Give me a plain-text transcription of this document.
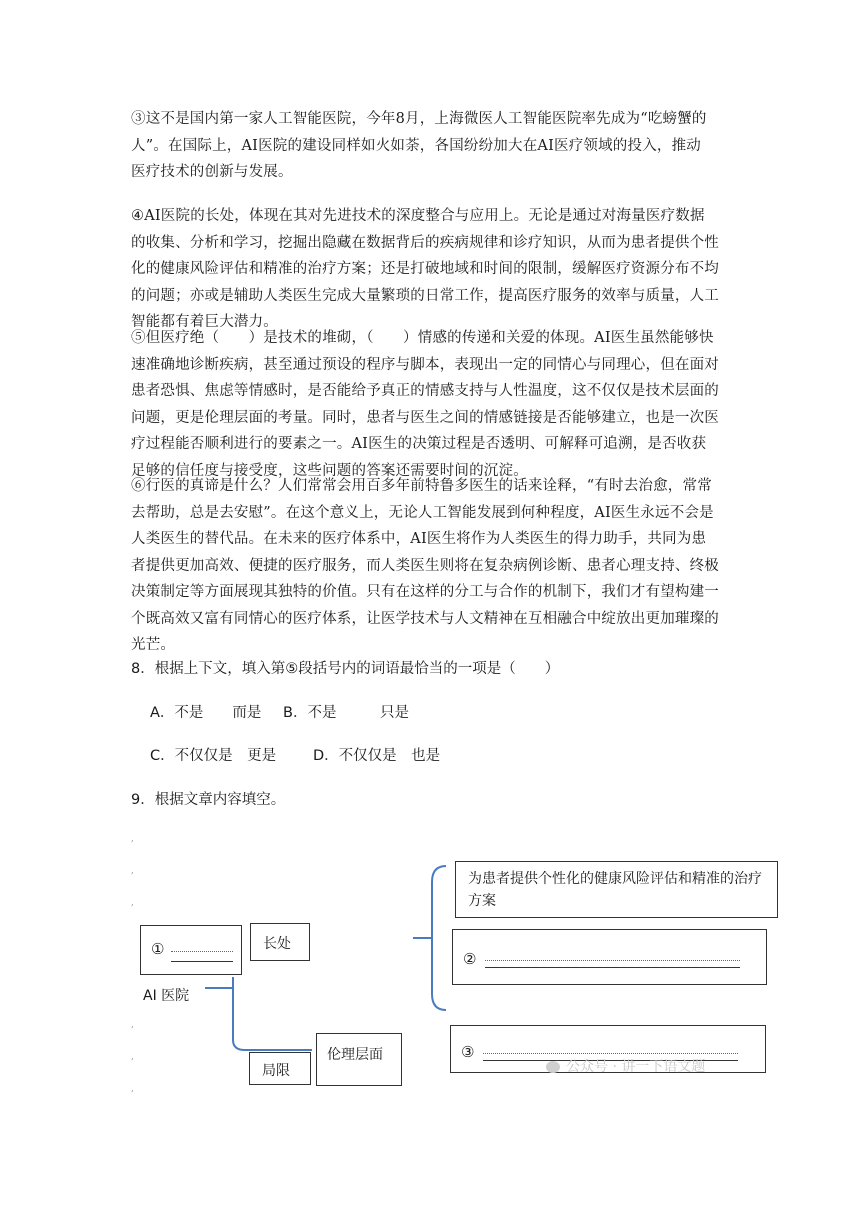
③这不是国内第一家人工智能医院，今年8月，上海微医人工智能医院率先成为“吃螃蟹的
人”。在国际上，AI医院的建设同样如火如荼，各国纷纷加大在AI医疗领域的投入，推动
医疗技术的创新与发展。
④AI医院的长处，体现在其对先进技术的深度整合与应用上。无论是通过对海量医疗数据
的收集、分析和学习，挖掘出隐藏在数据背后的疾病规律和诊疗知识，从而为患者提供个性
化的健康风险评估和精准的治疗方案；还是打破地域和时间的限制，缓解医疗资源分布不均
的问题；亦或是辅助人类医生完成大量繁琐的日常工作，提高医疗服务的效率与质量，人工
智能都有着巨大潜力。
⑤但医疗绝（　　）是技术的堆砌，（　　）情感的传递和关爱的体现。AI医生虽然能够快
速准确地诊断疾病，甚至通过预设的程序与脚本，表现出一定的同情心与同理心，但在面对
患者恐惧、焦虑等情感时，是否能给予真正的情感支持与人性温度，这不仅仅是技术层面的
问题，更是伦理层面的考量。同时，患者与医生之间的情感链接是否能够建立，也是一次医
疗过程能否顺利进行的要素之一。AI医生的决策过程是否透明、可解释可追溯，是否收获
足够的信任度与接受度，这些问题的答案还需要时间的沉淀。
⑥行医的真谛是什么？人们常常会用百多年前特鲁多医生的话来诠释，“有时去治愈，常常
去帮助，总是去安慰”。在这个意义上，无论人工智能发展到何种程度，AI医生永远不会是
人类医生的替代品。在未来的医疗体系中，AI医生将作为人类医生的得力助手，共同为患
者提供更加高效、便捷的医疗服务，而人类医生则将在复杂病例诊断、患者心理支持、终极
决策制定等方面展现其独特的价值。只有在这样的分工与合作的机制下，我们才有望构建一
个既高效又富有同情心的医疗体系，让医学技术与人文精神在互相融合中绽放出更加璀璨的
光芒。
8．根据上下文，填入第⑤段括号内的词语最恰当的一项是（　　）
A．不是　　而是 B．不是　　　只是
C．不仅仅是　更是	D．不仅仅是　也是
9．根据文章内容填空。
,
,
,
,
,
,
①	长处
AI 医院
局限
伦理层面
为患者提供个性化的健康风险评估和精准的治疗方案
②
③
公众号 · 讲一下语文题
